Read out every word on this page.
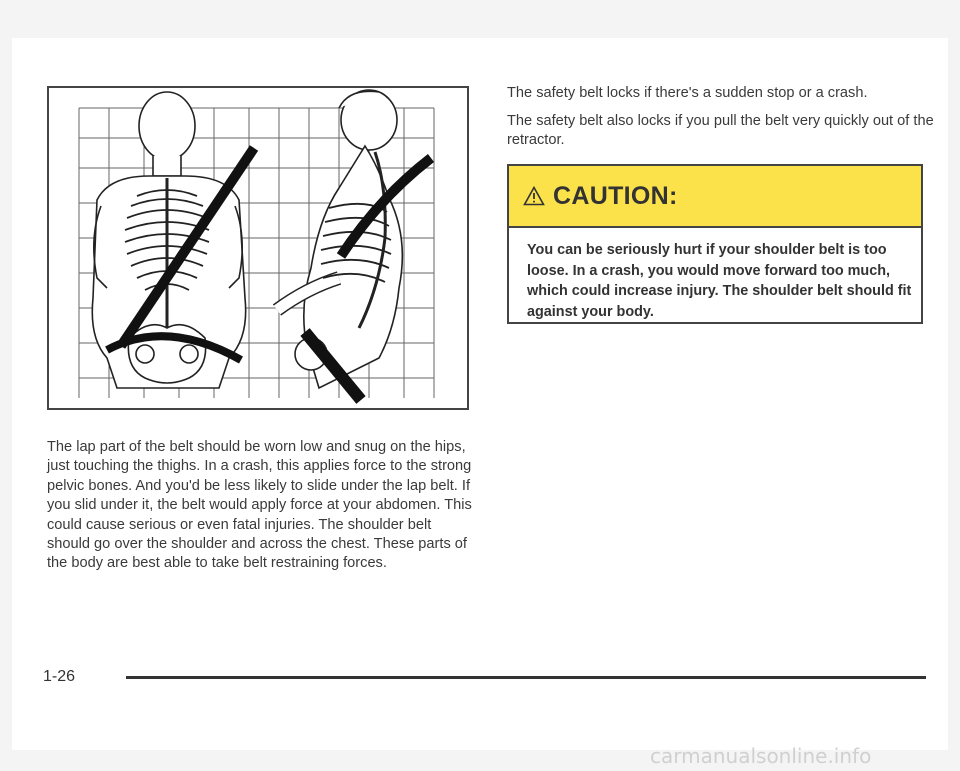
The lap part of the belt should be worn low and snug on the hips, just touching the thighs. In a crash, this applies force to the strong pelvic bones. And you'd be less likely to slide under the lap belt. If you slid under it, the belt would apply force at your abdomen. This could cause serious or even fatal injuries. The shoulder belt should go over the shoulder and across the chest. These parts of the body are best able to take belt restraining forces.

The safety belt locks if there's a sudden stop or a crash.

The safety belt also locks if you pull the belt very quickly out of the retractor.

CAUTION:
You can be seriously hurt if your shoulder belt is too loose. In a crash, you would move forward too much, which could increase injury. The shoulder belt should fit against your body.
1-26
carmanualsonline.info
